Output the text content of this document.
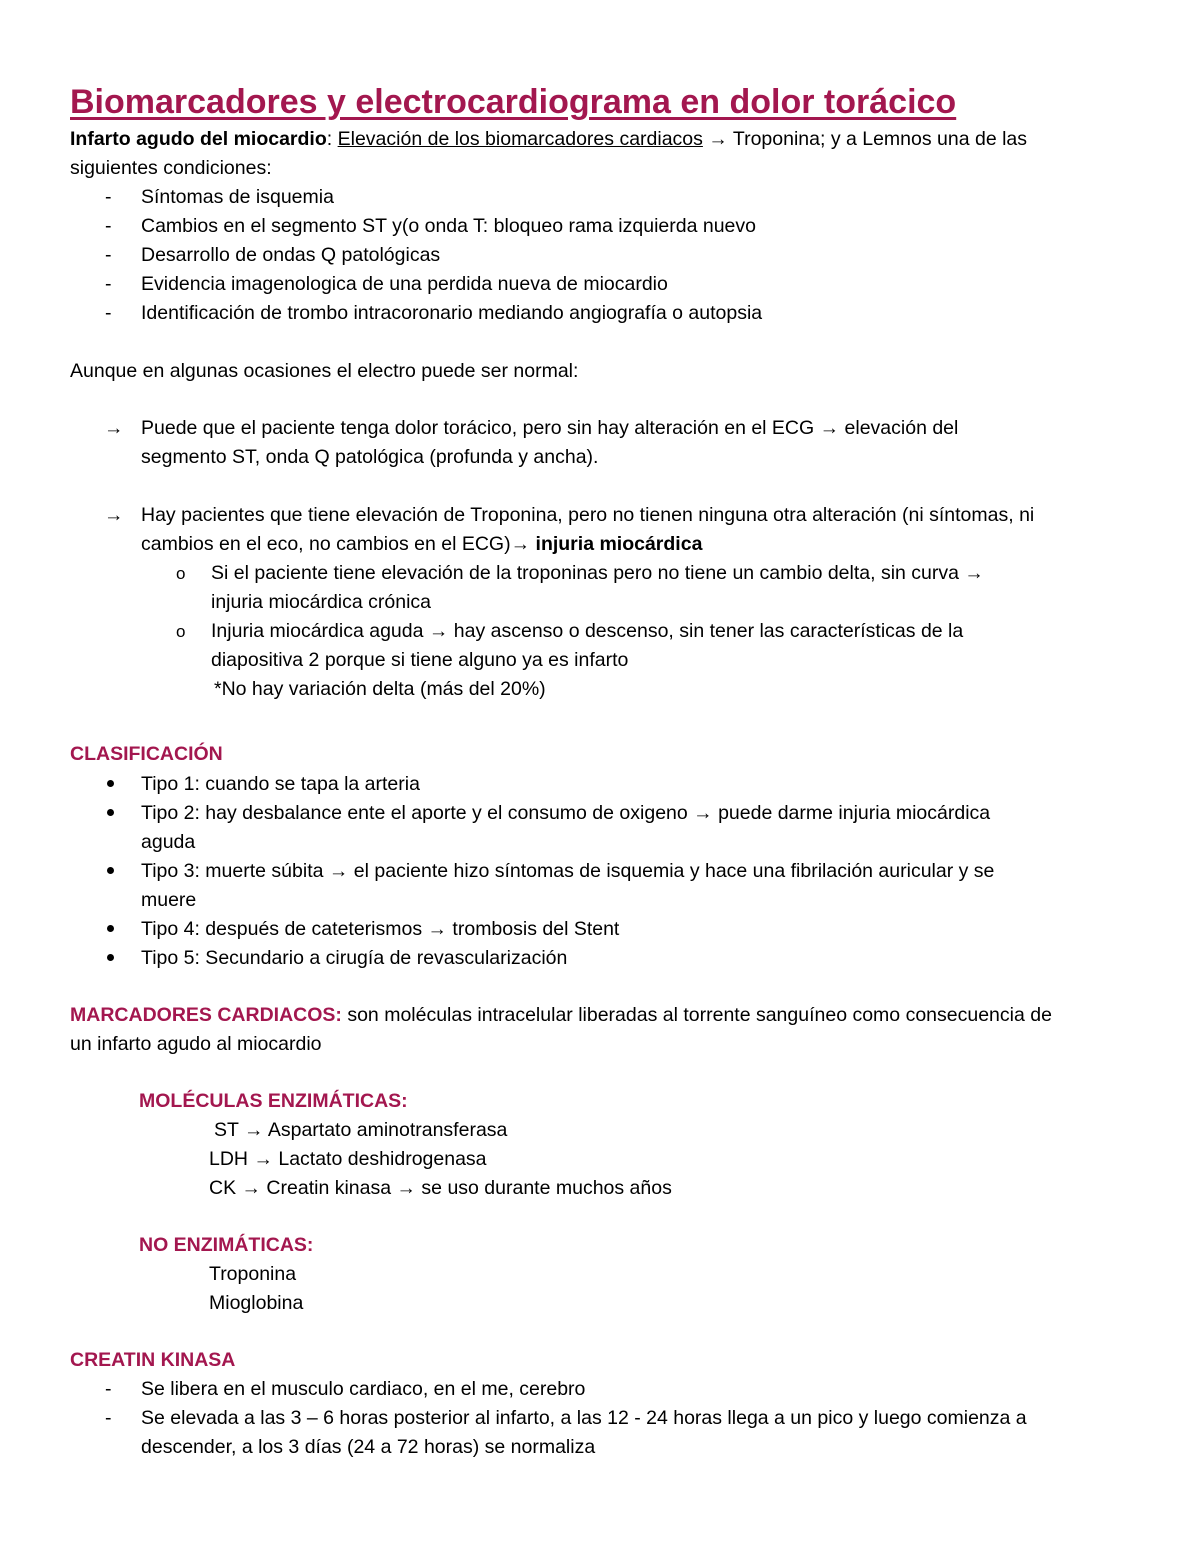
Biomarcadores y electrocardiograma en dolor torácico
Infarto agudo del miocardio: Elevación de los biomarcadores cardiacos → Troponina; y a Lemnos una de las
siguientes condiciones:
- Síntomas de isquemia
- Cambios en el segmento ST y(o onda T: bloqueo rama izquierda nuevo
- Desarrollo de ondas Q patológicas
- Evidencia imagenologica de una perdida nueva de miocardio
- Identificación de trombo intracoronario mediando angiografía o autopsia
Aunque en algunas ocasiones el electro puede ser normal:
→ Puede que el paciente tenga dolor torácico, pero sin hay alteración en el ECG → elevación del
segmento ST, onda Q patológica (profunda y ancha).
→ Hay pacientes que tiene elevación de Troponina, pero no tienen ninguna otra alteración (ni síntomas, ni
cambios en el eco, no cambios en el ECG)→ injuria miocárdica
o Si el paciente tiene elevación de la troponinas pero no tiene un cambio delta, sin curva →
injuria miocárdica crónica
o Injuria miocárdica aguda → hay ascenso o descenso, sin tener las características de la
diapositiva 2 porque si tiene alguno ya es infarto
*No hay variación delta (más del 20%)
CLASIFICACIÓN
Tipo 1: cuando se tapa la arteria
Tipo 2: hay desbalance ente el aporte y el consumo de oxigeno → puede darme injuria miocárdica
aguda
Tipo 3: muerte súbita → el paciente hizo síntomas de isquemia y hace una fibrilación auricular y se
muere
Tipo 4: después de cateterismos → trombosis del Stent
Tipo 5: Secundario a cirugía de revascularización
MARCADORES CARDIACOS: son moléculas intracelular liberadas al torrente sanguíneo como consecuencia de
un infarto agudo al miocardio
MOLÉCULAS ENZIMÁTICAS:
ST → Aspartato aminotransferasa
LDH → Lactato deshidrogenasa
CK → Creatin kinasa → se uso durante muchos años
NO ENZIMÁTICAS:
Troponina
Mioglobina
CREATIN KINASA
- Se libera en el musculo cardiaco, en el me, cerebro
- Se elevada a las 3 – 6 horas posterior al infarto, a las 12 - 24 horas llega a un pico y luego comienza a
descender, a los 3 días (24 a 72 horas) se normaliza
